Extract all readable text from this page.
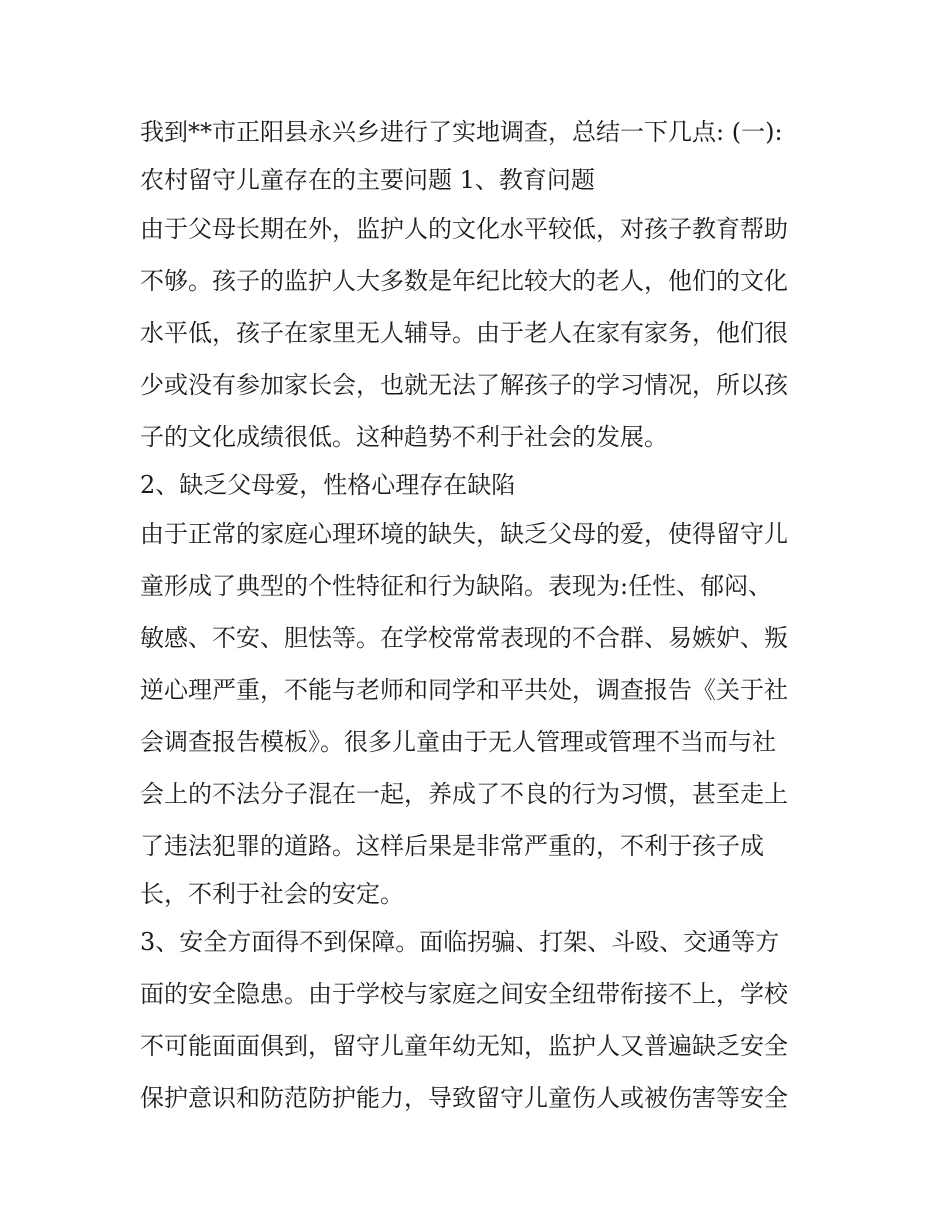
我到**市正阳县永兴乡进行了实地调查，总结一下几点: (一):

农村留守儿童存在的主要问题 1、教育问题

由于父母长期在外，监护人的文化水平较低，对孩子教育帮助

不够。孩子的监护人大多数是年纪比较大的老人，他们的文化

水平低，孩子在家里无人辅导。由于老人在家有家务，他们很

少或没有参加家长会，也就无法了解孩子的学习情况，所以孩

子的文化成绩很低。这种趋势不利于社会的发展。

2、缺乏父母爱，性格心理存在缺陷

由于正常的家庭心理环境的缺失，缺乏父母的爱，使得留守儿

童形成了典型的个性特征和行为缺陷。表现为:任性、郁闷、

敏感、不安、胆怯等。在学校常常表现的不合群、易嫉妒、叛

逆心理严重，不能与老师和同学和平共处，调查报告《关于社

会调查报告模板》。很多儿童由于无人管理或管理不当而与社

会上的不法分子混在一起，养成了不良的行为习惯，甚至走上

了违法犯罪的道路。这样后果是非常严重的，不利于孩子成

长，不利于社会的安定。

3、安全方面得不到保障。面临拐骗、打架、斗殴、交通等方

面的安全隐患。由于学校与家庭之间安全纽带衔接不上，学校

不可能面面俱到，留守儿童年幼无知，监护人又普遍缺乏安全

保护意识和防范防护能力，导致留守儿童伤人或被伤害等安全
